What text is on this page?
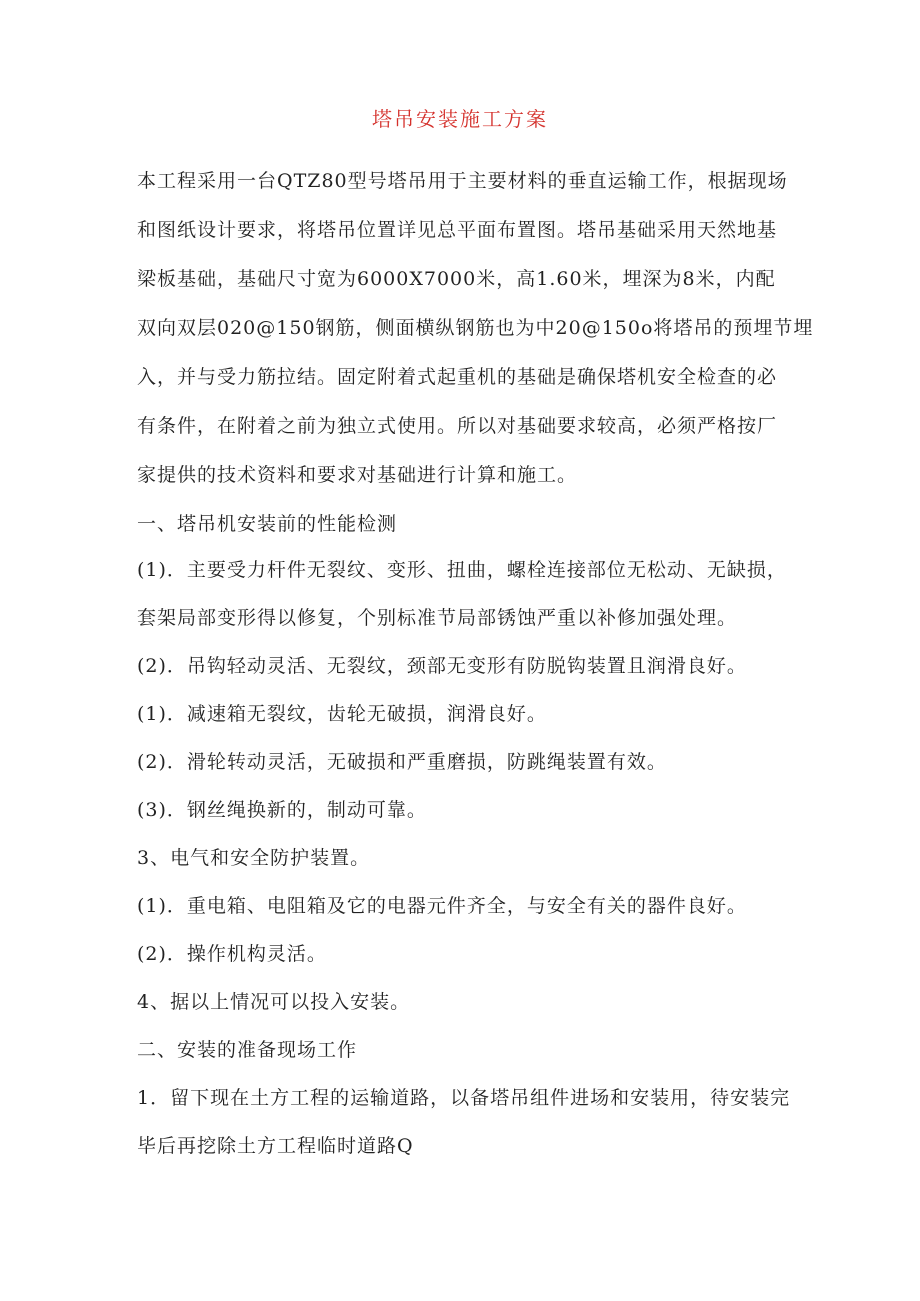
塔吊安装施工方案
本工程采用一台QTZ80型号塔吊用于主要材料的垂直运输工作，根据现场
和图纸设计要求，将塔吊位置详见总平面布置图。塔吊基础采用天然地基
梁板基础，基础尺寸宽为6000X7000米，高1.60米，埋深为8米，内配
双向双层020@150钢筋，侧面横纵钢筋也为中20@150o将塔吊的预埋节埋
入，并与受力筋拉结。固定附着式起重机的基础是确保塔机安全检查的必
有条件，在附着之前为独立式使用。所以对基础要求较高，必须严格按厂
家提供的技术资料和要求对基础进行计算和施工。
一、塔吊机安装前的性能检测
(1)．主要受力杆件无裂纹、变形、扭曲，螺栓连接部位无松动、无缺损，
套架局部变形得以修复，个别标准节局部锈蚀严重以补修加强处理。
(2)．吊钩轻动灵活、无裂纹，颈部无变形有防脱钩装置且润滑良好。
(1)．减速箱无裂纹，齿轮无破损，润滑良好。
(2)．滑轮转动灵活，无破损和严重磨损，防跳绳装置有效。
(3)．钢丝绳换新的，制动可靠。
3、电气和安全防护装置。
(1)．重电箱、电阻箱及它的电器元件齐全，与安全有关的器件良好。
(2)．操作机构灵活。
4、据以上情况可以投入安装。
二、安装的准备现场工作
1．留下现在土方工程的运输道路，以备塔吊组件进场和安装用，待安装完
毕后再挖除土方工程临时道路Q
